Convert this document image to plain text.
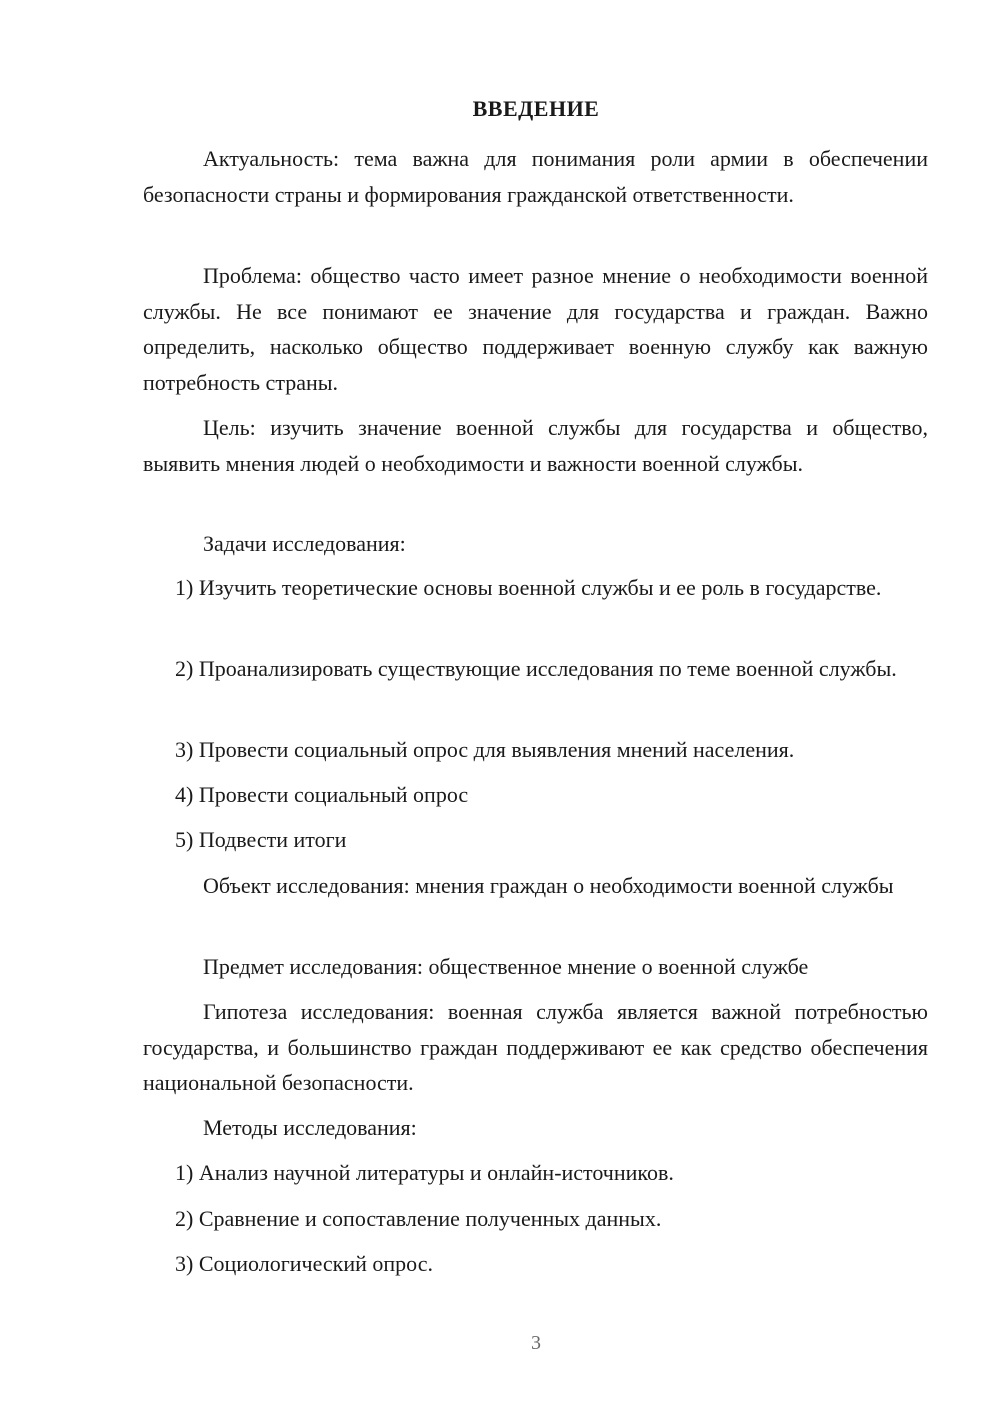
ВВЕДЕНИЕ

Актуальность: тема важна для понимания роли армии в обеспечении безопасности страны и формирования гражданской ответственности.

Проблема: общество часто имеет разное мнение о необходимости военной службы. Не все понимают ее значение для государства и граждан. Важно определить, насколько общество поддерживает военную службу как важную потребность страны.

Цель: изучить значение военной службы для государства и общество, выявить мнения людей о необходимости и важности военной службы.

Задачи исследования:

1) Изучить теоретические основы военной службы и ее роль в государстве.

2) Проанализировать существующие исследования по теме военной службы.

3) Провести социальный опрос для выявления мнений населения.

4) Провести социальный опрос

5) Подвести итоги

Объект исследования: мнения граждан о необходимости военной службы

Предмет исследования: общественное мнение о военной службе

Гипотеза исследования: военная служба является важной потребностью государства, и большинство граждан поддерживают ее как средство обеспечения национальной безопасности.

Методы исследования:

1) Анализ научной литературы и онлайн-источников.

2) Сравнение и сопоставление полученных данных.

3) Социологический опрос.

3
